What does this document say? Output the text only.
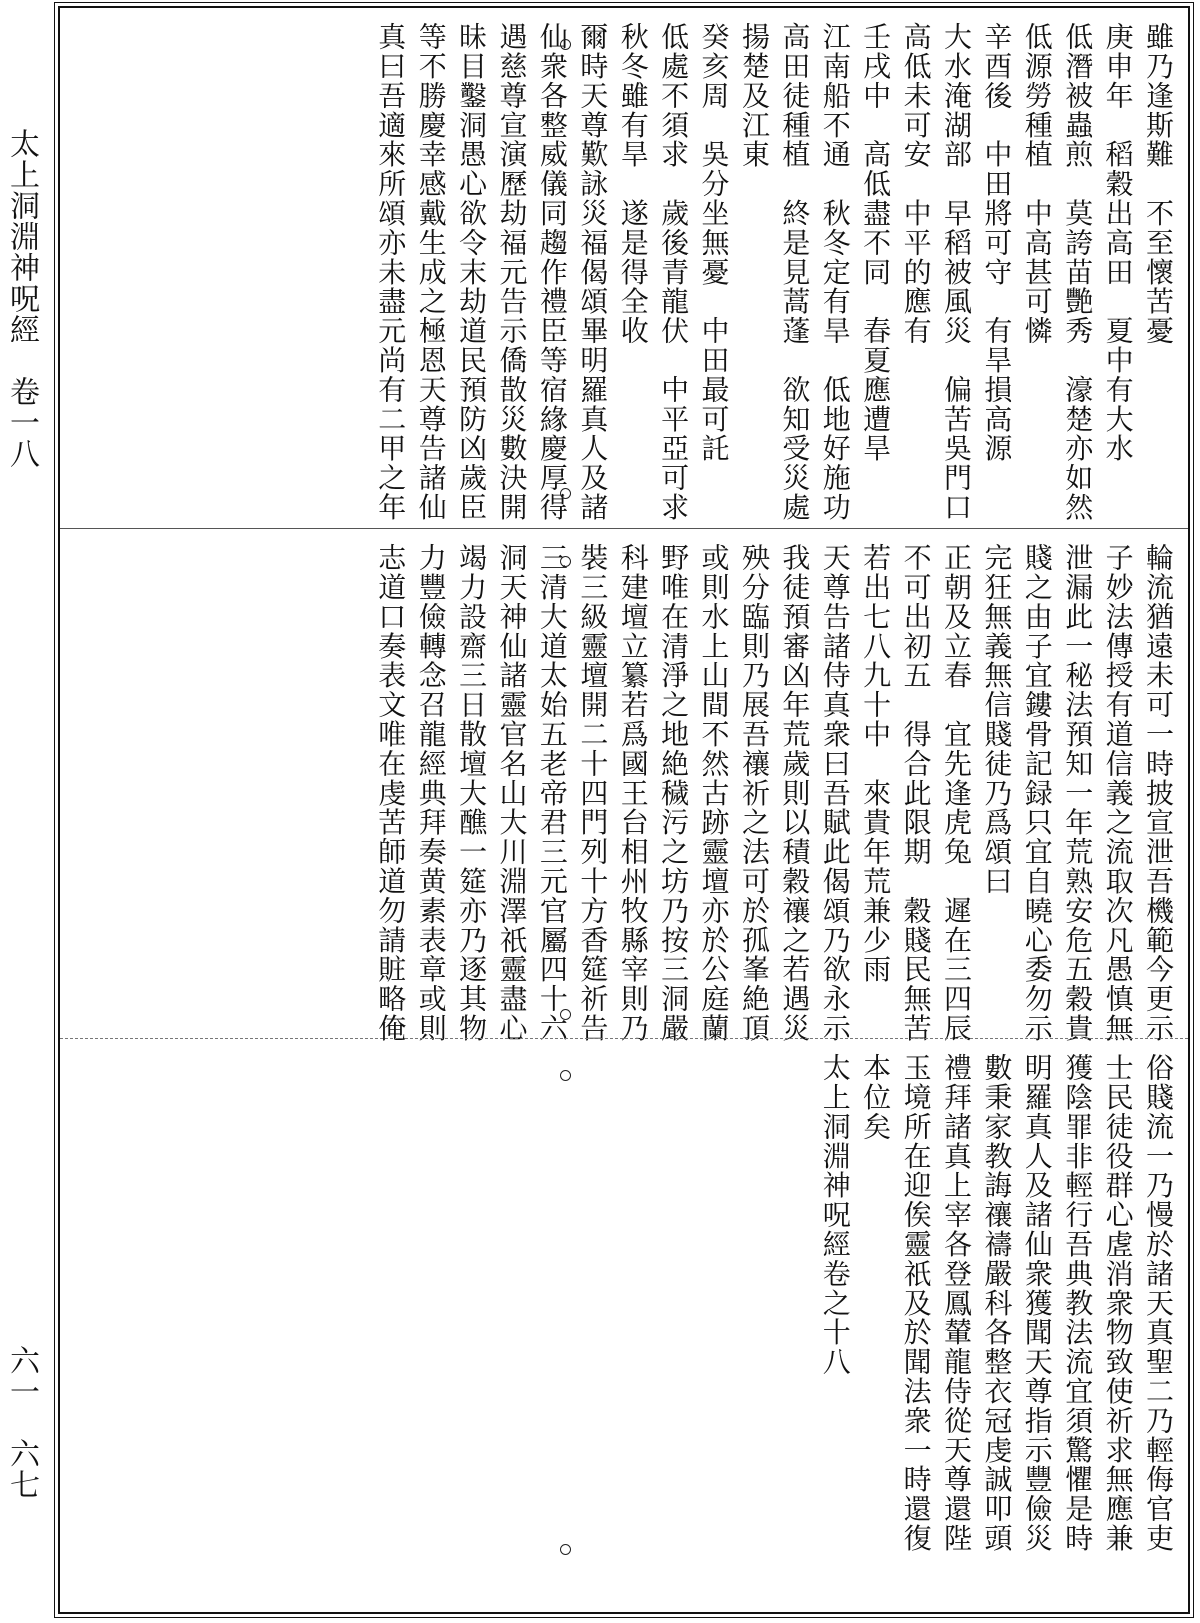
太上洞淵神呪經　卷一八
六一　六七
雖乃逢斯難　不至懷苦憂
庚申年　稻穀出高田　夏中有大水
低潛被蟲煎　莫誇苗艷秀　濠楚亦如然
低源勞種植　中高甚可憐
辛酉後　中田將可守　有旱損高源
大水淹湖部　早稻被風災　偏苦吳門口
高低未可安　中平的應有
壬戌中　高低盡不同　春夏應遭旱
江南船不通　秋冬定有旱　低地好施功
高田徒種植　終是見蒿蓬　欲知受災處
揚楚及江東
癸亥周　吳分坐無憂　中田最可託
低處不須求　歲後青龍伏　中平亞可求
秋冬雖有旱　遂是得全收
爾時天尊歎詠災福偈頌畢明羅真人及諸
仙衆各整威儀同趨作禮臣等宿緣慶厚得
遇慈尊宣演歷劫福元告示僑㪚災數決開
昧目鑿洞愚心欲令末劫道民預防凶歲臣
等不勝慶幸感戴生成之極恩天尊告諸仙
真曰吾適來所頌亦未盡元尚有二甲之年
輪流猶遠未可一時披宣泄吾機範今更示
子妙法傳授有道信義之流取次凡愚慎無
泄漏此一秘法預知一年荒熟安危五穀貴
賤之由子宜鏤骨記録只宜自曉心委勿示
完狂無義無信賤徒乃爲頌曰
正朝及立春　宜先逢虎兔　遲在三四辰
不可出初五　得合此限期　穀賤民無苦
若出七八九十中　來貴年荒兼少雨
天尊告諸侍真衆曰吾賦此偈頌乃欲永示
我徒預審凶年荒歲則以積穀禳之若遇災
殃分臨則乃展吾禳祈之法可於孤峯絶頂
或則水上山間不然古跡靈壇亦於公庭蘭
野唯在清淨之地絶穢污之坊乃按三洞嚴
科建壇立纂若爲國王台相州牧縣宰則乃
裝三級靈壇開二十四門列十方香筵祈告
三清大道太始五老帝君三元官屬四十六
洞天神仙諸靈官名山大川淵澤祇靈盡心
竭力設齋三日散壇大醮一筵亦乃逐其物
力豐儉轉念召龍經典拜奏黄素表章或則
志道口奏表文唯在虔苦師道勿請賍略俺
俗賤流一乃慢於諸天真聖二乃輕侮官吏
士民徒役群心虗消衆物致使祈求無應兼
獲陰罪非輕行吾典教法流宜須驚懼是時
明羅真人及諸仙衆獲聞天尊指示豐儉災
數秉家教誨禳禱嚴科各整衣冠虔誠叩頭
禮拜諸真上宰各登鳳輦龍侍從天尊還陛
玉境所在迎俟靈祇及於聞法衆一時還復
本位矣
太上洞淵神呪經卷之十八
